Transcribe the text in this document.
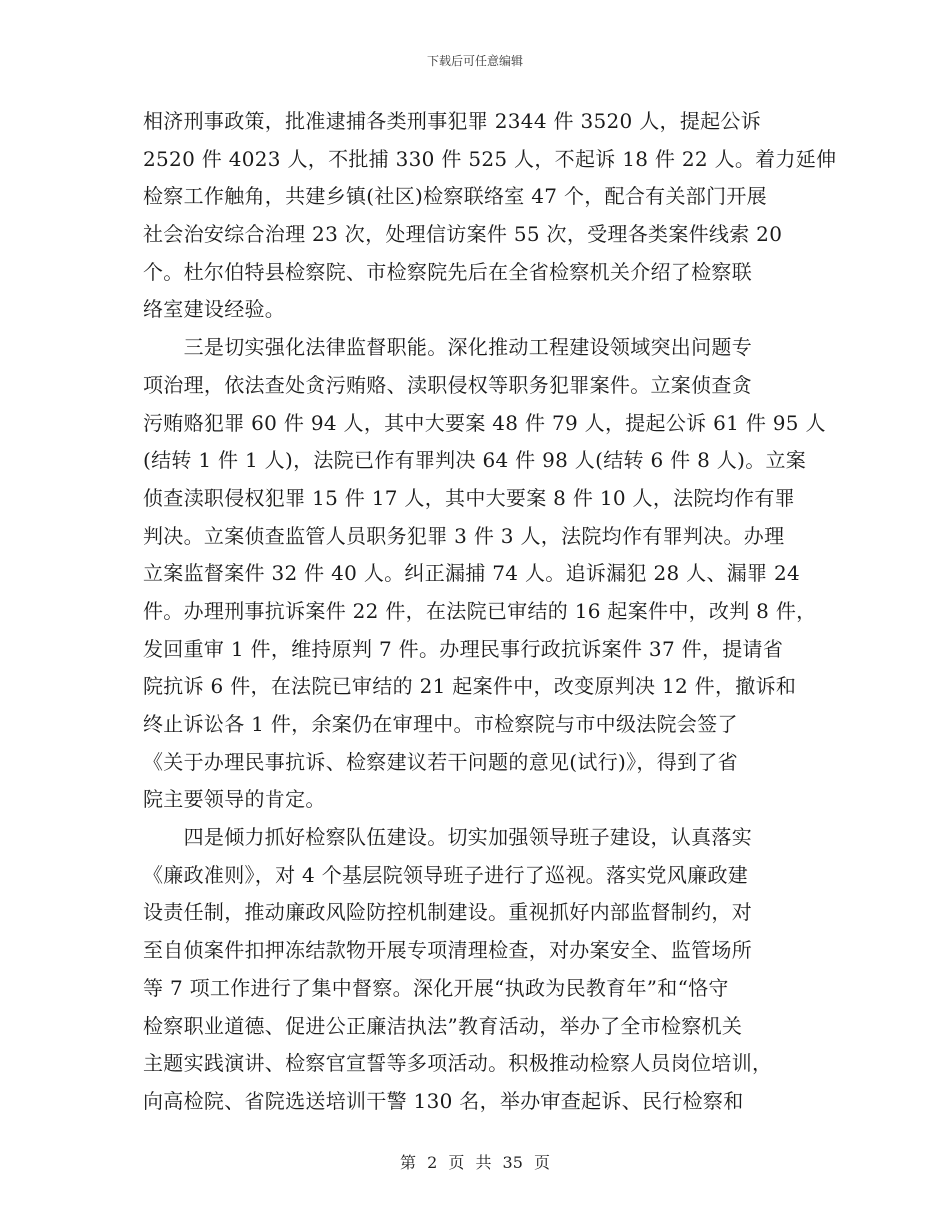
下载后可任意编辑
相济刑事政策，批准逮捕各类刑事犯罪 2344 件 3520 人，提起公诉
2520 件 4023 人，不批捕 330 件 525 人，不起诉 18 件 22 人。着力延伸
检察工作触角，共建乡镇(社区)检察联络室 47 个，配合有关部门开展
社会治安综合治理 23 次，处理信访案件 55 次，受理各类案件线索 20
个。杜尔伯特县检察院、市检察院先后在全省检察机关介绍了检察联
络室建设经验。
　　三是切实强化法律监督职能。深化推动工程建设领域突出问题专
项治理，依法查处贪污贿赂、渎职侵权等职务犯罪案件。立案侦查贪
污贿赂犯罪 60 件 94 人，其中大要案 48 件 79 人，提起公诉 61 件 95 人
(结转 1 件 1 人)，法院已作有罪判决 64 件 98 人(结转 6 件 8 人)。立案
侦查渎职侵权犯罪 15 件 17 人，其中大要案 8 件 10 人，法院均作有罪
判决。立案侦查监管人员职务犯罪 3 件 3 人，法院均作有罪判决。办理
立案监督案件 32 件 40 人。纠正漏捕 74 人。追诉漏犯 28 人、漏罪 24
件。办理刑事抗诉案件 22 件，在法院已审结的 16 起案件中，改判 8 件，
发回重审 1 件，维持原判 7 件。办理民事行政抗诉案件 37 件，提请省
院抗诉 6 件，在法院已审结的 21 起案件中，改变原判决 12 件，撤诉和
终止诉讼各 1 件，余案仍在审理中。市检察院与市中级法院会签了
《关于办理民事抗诉、检察建议若干问题的意见(试行)》，得到了省
院主要领导的肯定。
　　四是倾力抓好检察队伍建设。切实加强领导班子建设，认真落实
《廉政准则》，对 4 个基层院领导班子进行了巡视。落实党风廉政建
设责任制，推动廉政风险防控机制建设。重视抓好内部监督制约，对
至自侦案件扣押冻结款物开展专项清理检查，对办案安全、监管场所
等 7 项工作进行了集中督察。深化开展“执政为民教育年”和“恪守
检察职业道德、促进公正廉洁执法”教育活动，举办了全市检察机关
主题实践演讲、检察官宣誓等多项活动。积极推动检察人员岗位培训，
向高检院、省院选送培训干警 130 名，举办审查起诉、民行检察和
第 2 页 共 35 页
